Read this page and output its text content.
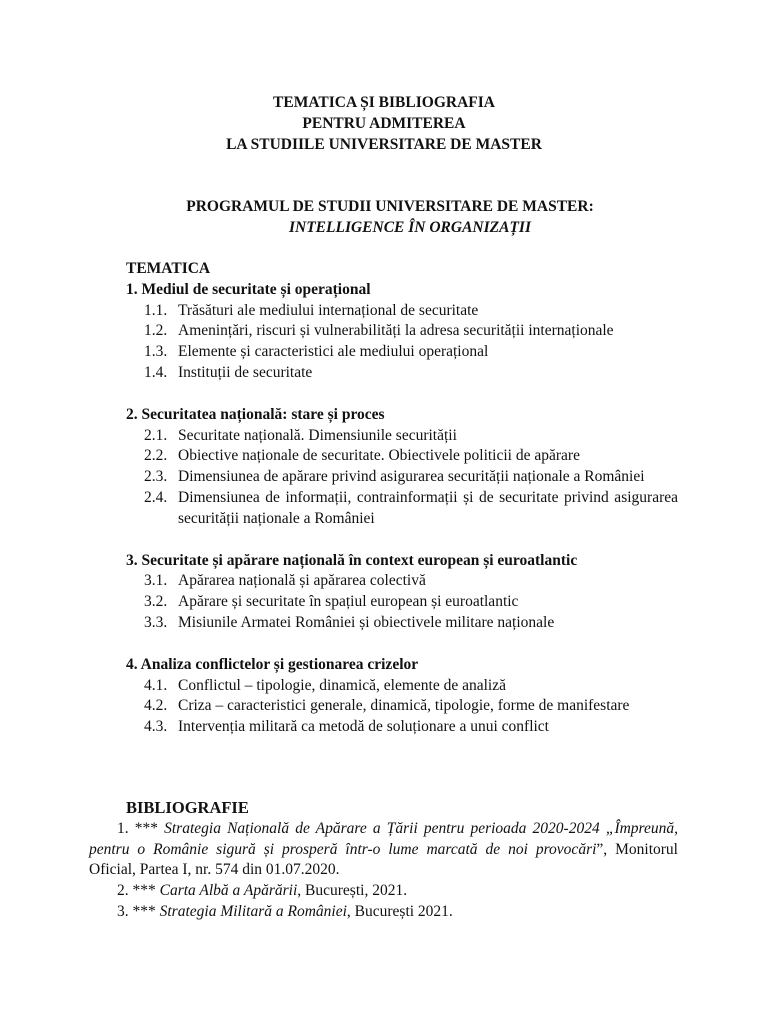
TEMATICA ȘI BIBLIOGRAFIA
PENTRU ADMITEREA
LA STUDIILE UNIVERSITARE DE MASTER
PROGRAMUL DE STUDII UNIVERSITARE DE MASTER:
INTELLIGENCE ÎN ORGANIZAȚII
TEMATICA
1. Mediul de securitate și operațional
1.1. Trăsături ale mediului internațional de securitate
1.2. Amenințări, riscuri și vulnerabilități la adresa securității internaționale
1.3. Elemente și caracteristici ale mediului operațional
1.4. Instituții de securitate
2. Securitatea națională: stare și proces
2.1. Securitate națională. Dimensiunile securității
2.2. Obiective naționale de securitate. Obiectivele politicii de apărare
2.3. Dimensiunea de apărare privind asigurarea securității naționale a României
2.4. Dimensiunea de informații, contrainformații și de securitate privind asigurarea securității naționale a României
3. Securitate și apărare națională în context european și euroatlantic
3.1. Apărarea națională și apărarea colectivă
3.2. Apărare și securitate în spațiul european și euroatlantic
3.3. Misiunile Armatei României și obiectivele militare naționale
4. Analiza conflictelor și gestionarea crizelor
4.1. Conflictul – tipologie, dinamică, elemente de analiză
4.2. Criza – caracteristici generale, dinamică, tipologie, forme de manifestare
4.3. Intervenția militară ca metodă de soluționare a unui conflict
BIBLIOGRAFIE
1. *** Strategia Națională de Apărare a Țării pentru perioada 2020-2024 „Împreună, pentru o Românie sigură și prosperă într-o lume marcată de noi provocări”, Monitorul Oficial, Partea I, nr. 574 din 01.07.2020.
2. *** Carta Albă a Apărării, București, 2021.
3. *** Strategia Militară a României, București 2021.
